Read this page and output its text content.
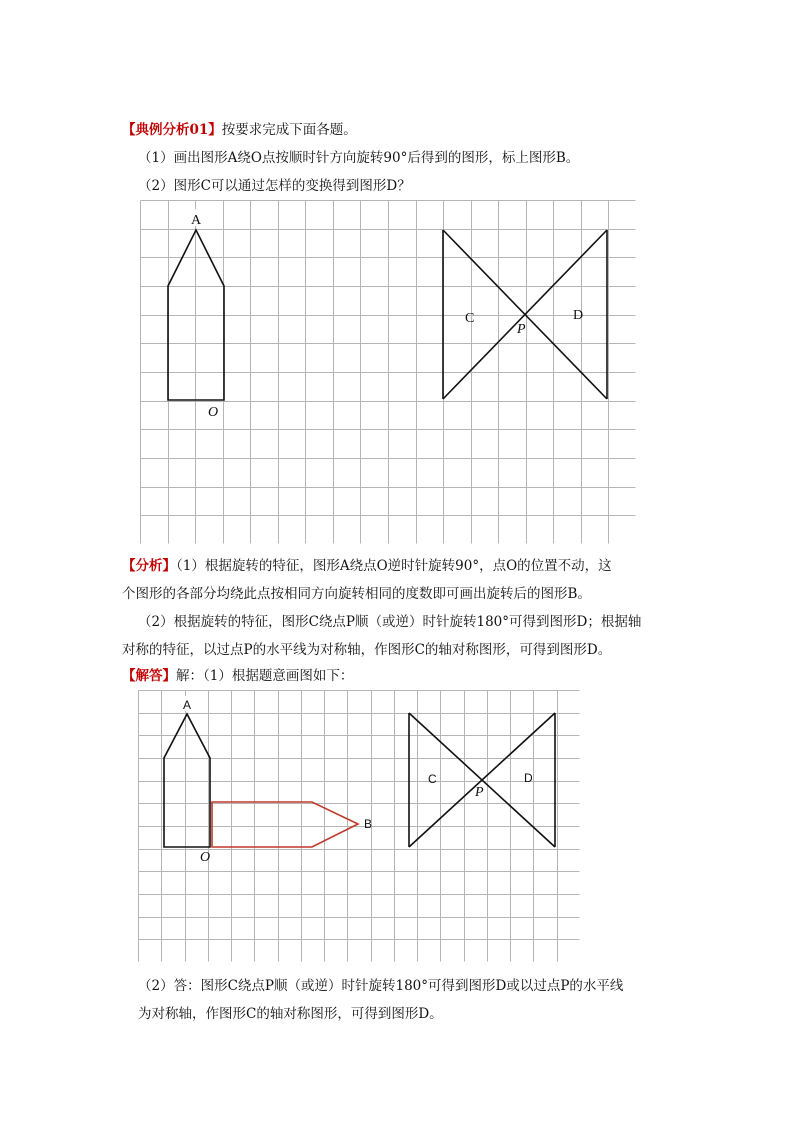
【典例分析01】按要求完成下面各题。
（1）画出图形A绕O点按顺时针方向旋转90°后得到的图形，标上图形B。
（2）图形C可以通过怎样的变换得到图形D？
A
O
C	D
P
【分析】（1）根据旋转的特征，图形A绕点O逆时针旋转90°，点O的位置不动，这
个图形的各部分均绕此点按相同方向旋转相同的度数即可画出旋转后的图形B。
（2）根据旋转的特征，图形C绕点P顺（或逆）时针旋转180°可得到图形D；根据轴
对称的特征，以过点P的水平线为对称轴，作图形C的轴对称图形，可得到图形D。
【解答】解：（1）根据题意画图如下：
A
O
C	D
P
B
（2）答：图形C绕点P顺（或逆）时针旋转180°可得到图形D或以过点P的水平线
为对称轴，作图形C的轴对称图形，可得到图形D。
